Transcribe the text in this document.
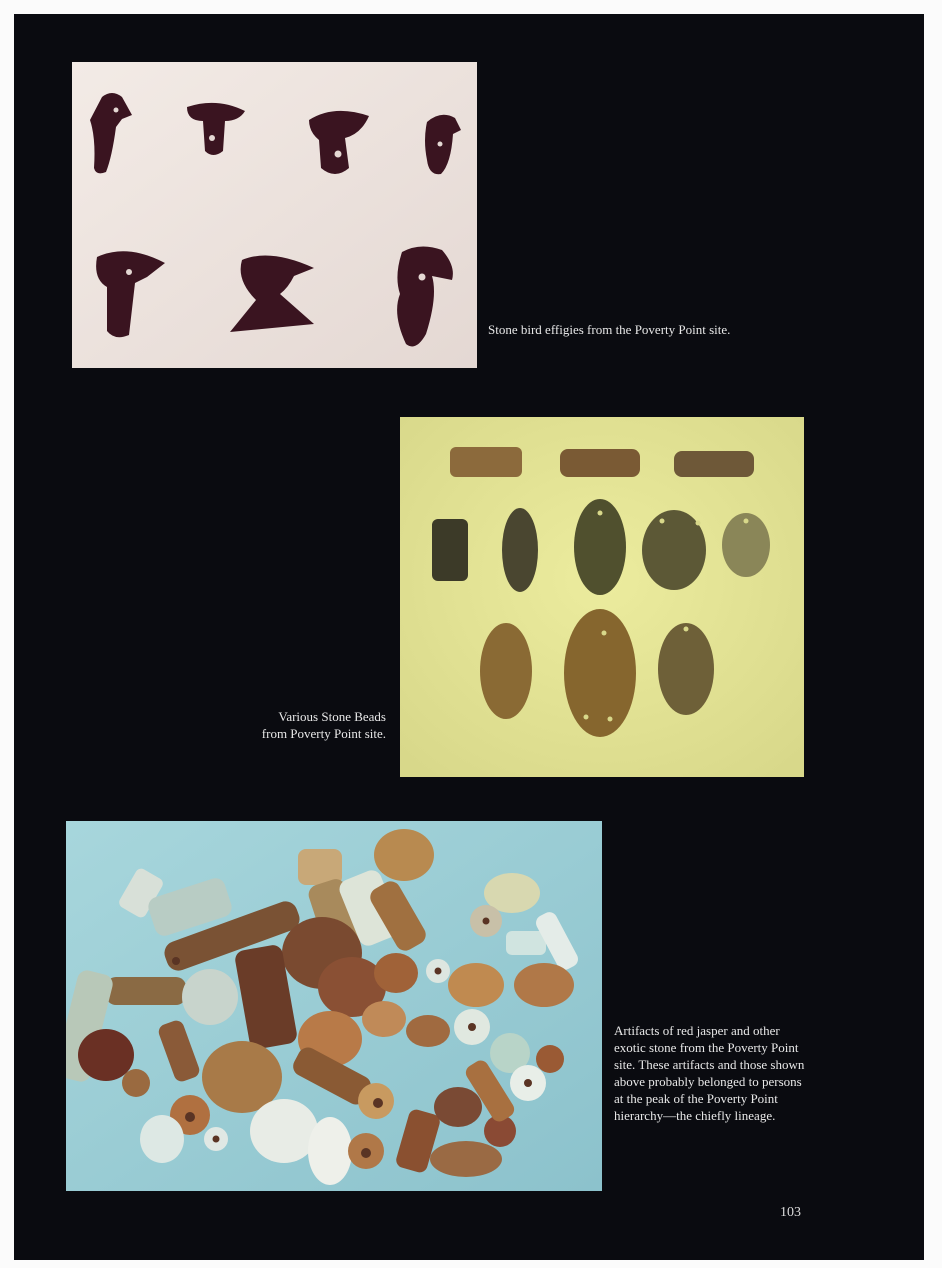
Stone bird effigies from the Poverty Point site.
Various Stone Beads
from Poverty Point site.
Artifacts of red jasper and other exotic stone from the Poverty Point site. These artifacts and those shown above probably belonged to persons at the peak of the Poverty Point hierarchy—the chiefly lineage.
103
